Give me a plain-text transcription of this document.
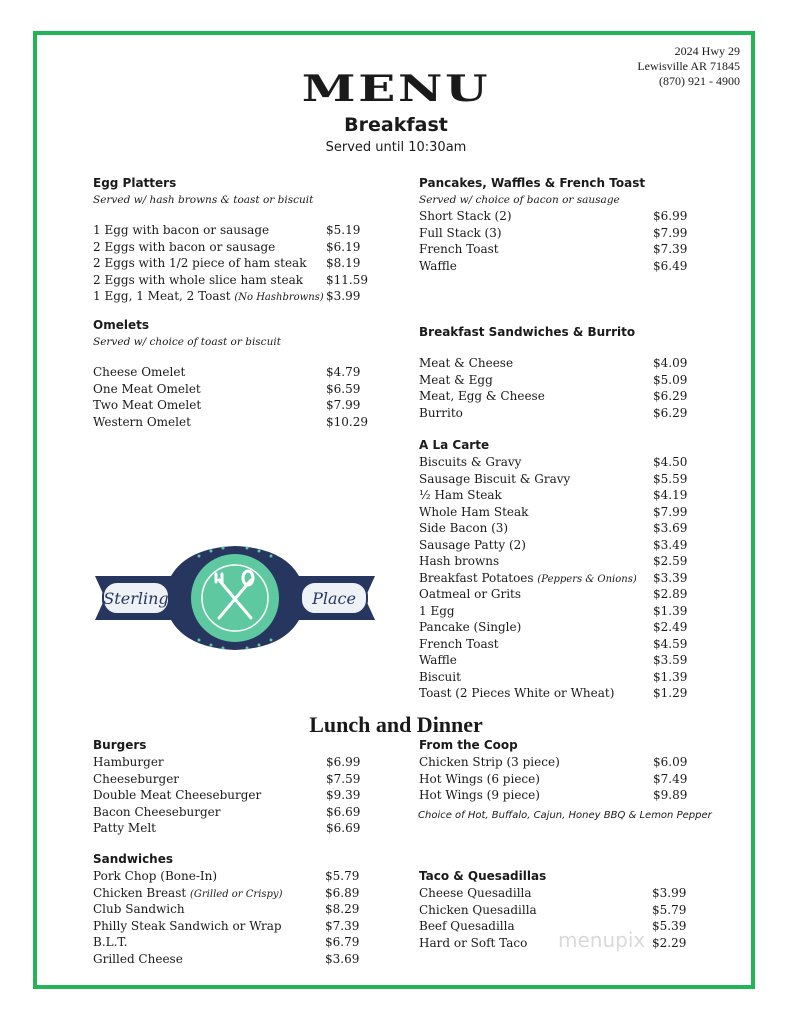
2024 Hwy 29
Lewisville AR 71845
(870) 921 - 4900
MENU
Breakfast
Served until 10:30am
Egg Platters
Served w/ hash browns & toast or biscuit
1 Egg with bacon or sausage	$5.19
2 Eggs with bacon or sausage	$6.19
2 Eggs with 1/2 piece of ham steak $8.19
2 Eggs with whole slice ham steak $11.59
1 Egg, 1 Meat, 2 Toast (No Hashbrowns) $3.99
Omelets
Served w/ choice of toast or biscuit
Cheese Omelet	$4.79
One Meat Omelet	$6.59
Two Meat Omelet	$7.99
Western Omelet	$10.29
Pancakes, Waffles & French Toast
Served w/ choice of bacon or sausage
Short Stack (2)	$6.99
Full Stack (3)	$7.99
French Toast	$7.39
Waffle	$6.49
Breakfast Sandwiches & Burrito
Meat & Cheese	$4.09
Meat & Egg	$5.09
Meat, Egg & Cheese	$6.29
Burrito	$6.29
A La Carte
Biscuits & Gravy	$4.50
Sausage Biscuit & Gravy	$5.59
½ Ham Steak	$4.19
Whole Ham Steak	$7.99
Side Bacon (3)	$3.69
Sausage Patty (2)	$3.49
Hash browns	$2.59
Breakfast Potatoes (Peppers & Onions) $3.39
Oatmeal or Grits	$2.89
1 Egg	$1.39
Pancake (Single)	$2.49
French Toast	$4.59
Waffle	$3.59
Biscuit	$1.39
Toast (2 Pieces White or Wheat)	$1.29
Sterling	Place
Lunch and Dinner
Burgers
Hamburger	$6.99
Cheeseburger	$7.59
Double Meat Cheeseburger	$9.39
Bacon Cheeseburger	$6.69
Patty Melt	$6.69
Sandwiches
Pork Chop (Bone-In)	$5.79
Chicken Breast (Grilled or Crispy)	$6.89
Club Sandwich	$8.29
Philly Steak Sandwich or Wrap	$7.39
B.L.T.	$6.79
Grilled Cheese	$3.69
From the Coop
Chicken Strip (3 piece)	$6.09
Hot Wings (6 piece)	$7.49
Hot Wings (9 piece)	$9.89
Choice of Hot, Buffalo, Cajun, Honey BBQ & Lemon Pepper
Taco & Quesadillas
Cheese Quesadilla	$3.99
Chicken Quesadilla	$5.79
Beef Quesadilla	$5.39
Hard or Soft Taco	$2.29
menupix
